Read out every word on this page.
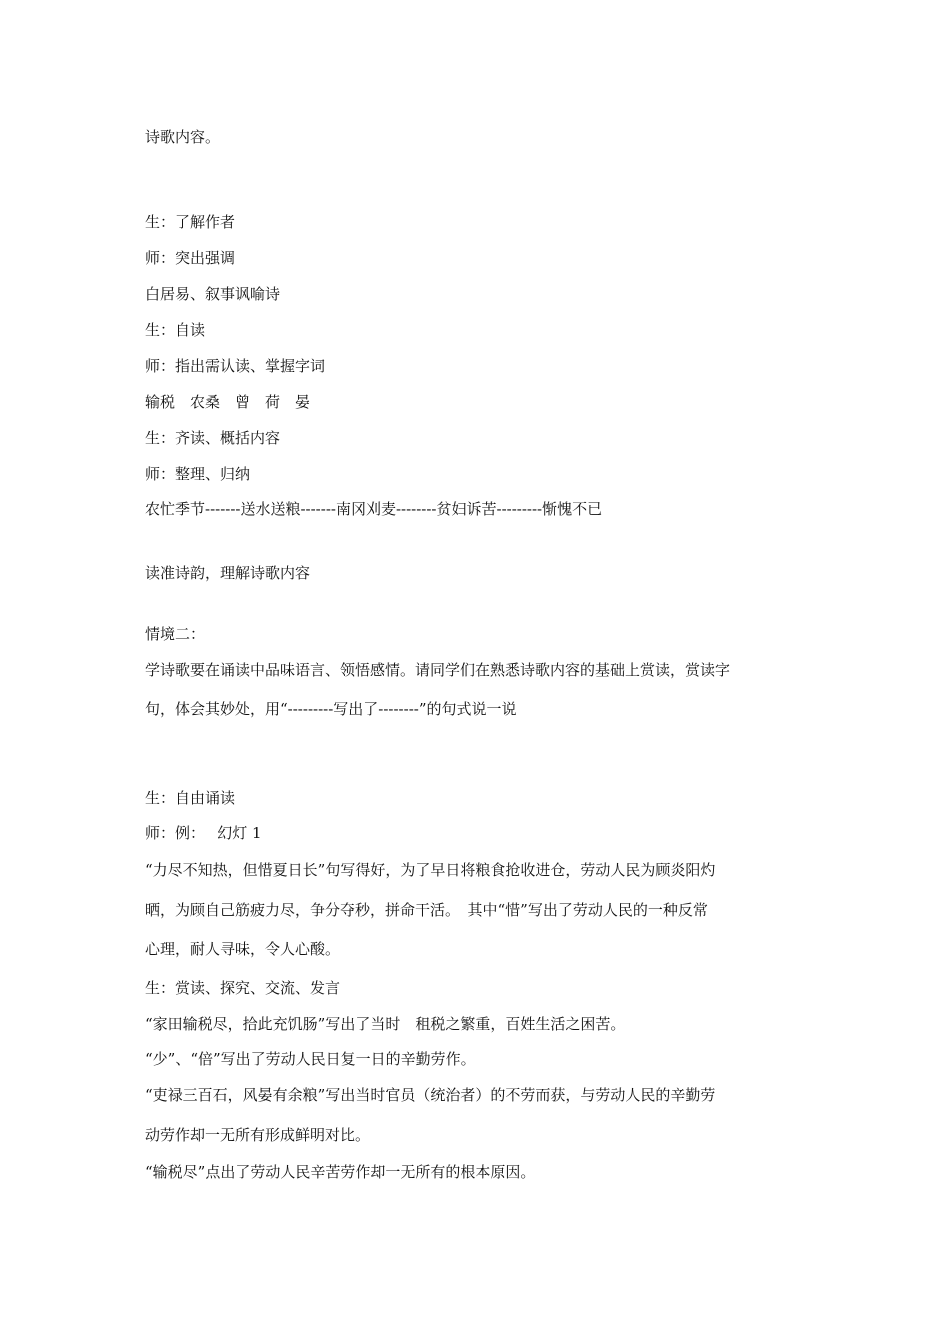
诗歌内容。
生：了解作者
师：突出强调
白居易、叙事讽喻诗
生：自读
师：指出需认读、掌握字词
输税　农桑　曾　荷　晏
生：齐读、概括内容
师：整理、归纳
农忙季节-------送水送粮-------南冈刈麦--------贫妇诉苦---------惭愧不已
读准诗韵，理解诗歌内容
情境二：
学诗歌要在诵读中品味语言、领悟感情。请同学们在熟悉诗歌内容的基础上赏读，赏读字
句，体会其妙处，用“---------写出了--------”的句式说一说
生：自由诵读
师：例：　 幻灯 1
“力尽不知热，但惜夏日长”句写得好，为了早日将粮食抢收进仓，劳动人民为顾炎阳灼
晒，为顾自己筋疲力尽，争分夺秒，拼命干活。　其中“惜”写出了劳动人民的一种反常
心理，耐人寻味，令人心酸。
生：赏读、探究、交流、发言
“家田输税尽，拾此充饥肠”写出了当时　租税之繁重，百姓生活之困苦。
“少”、“倍”写出了劳动人民日复一日的辛勤劳作。
“吏禄三百石，风晏有余粮”写出当时官员（统治者）的不劳而获，与劳动人民的辛勤劳
动劳作却一无所有形成鲜明对比。
“输税尽”点出了劳动人民辛苦劳作却一无所有的根本原因。
